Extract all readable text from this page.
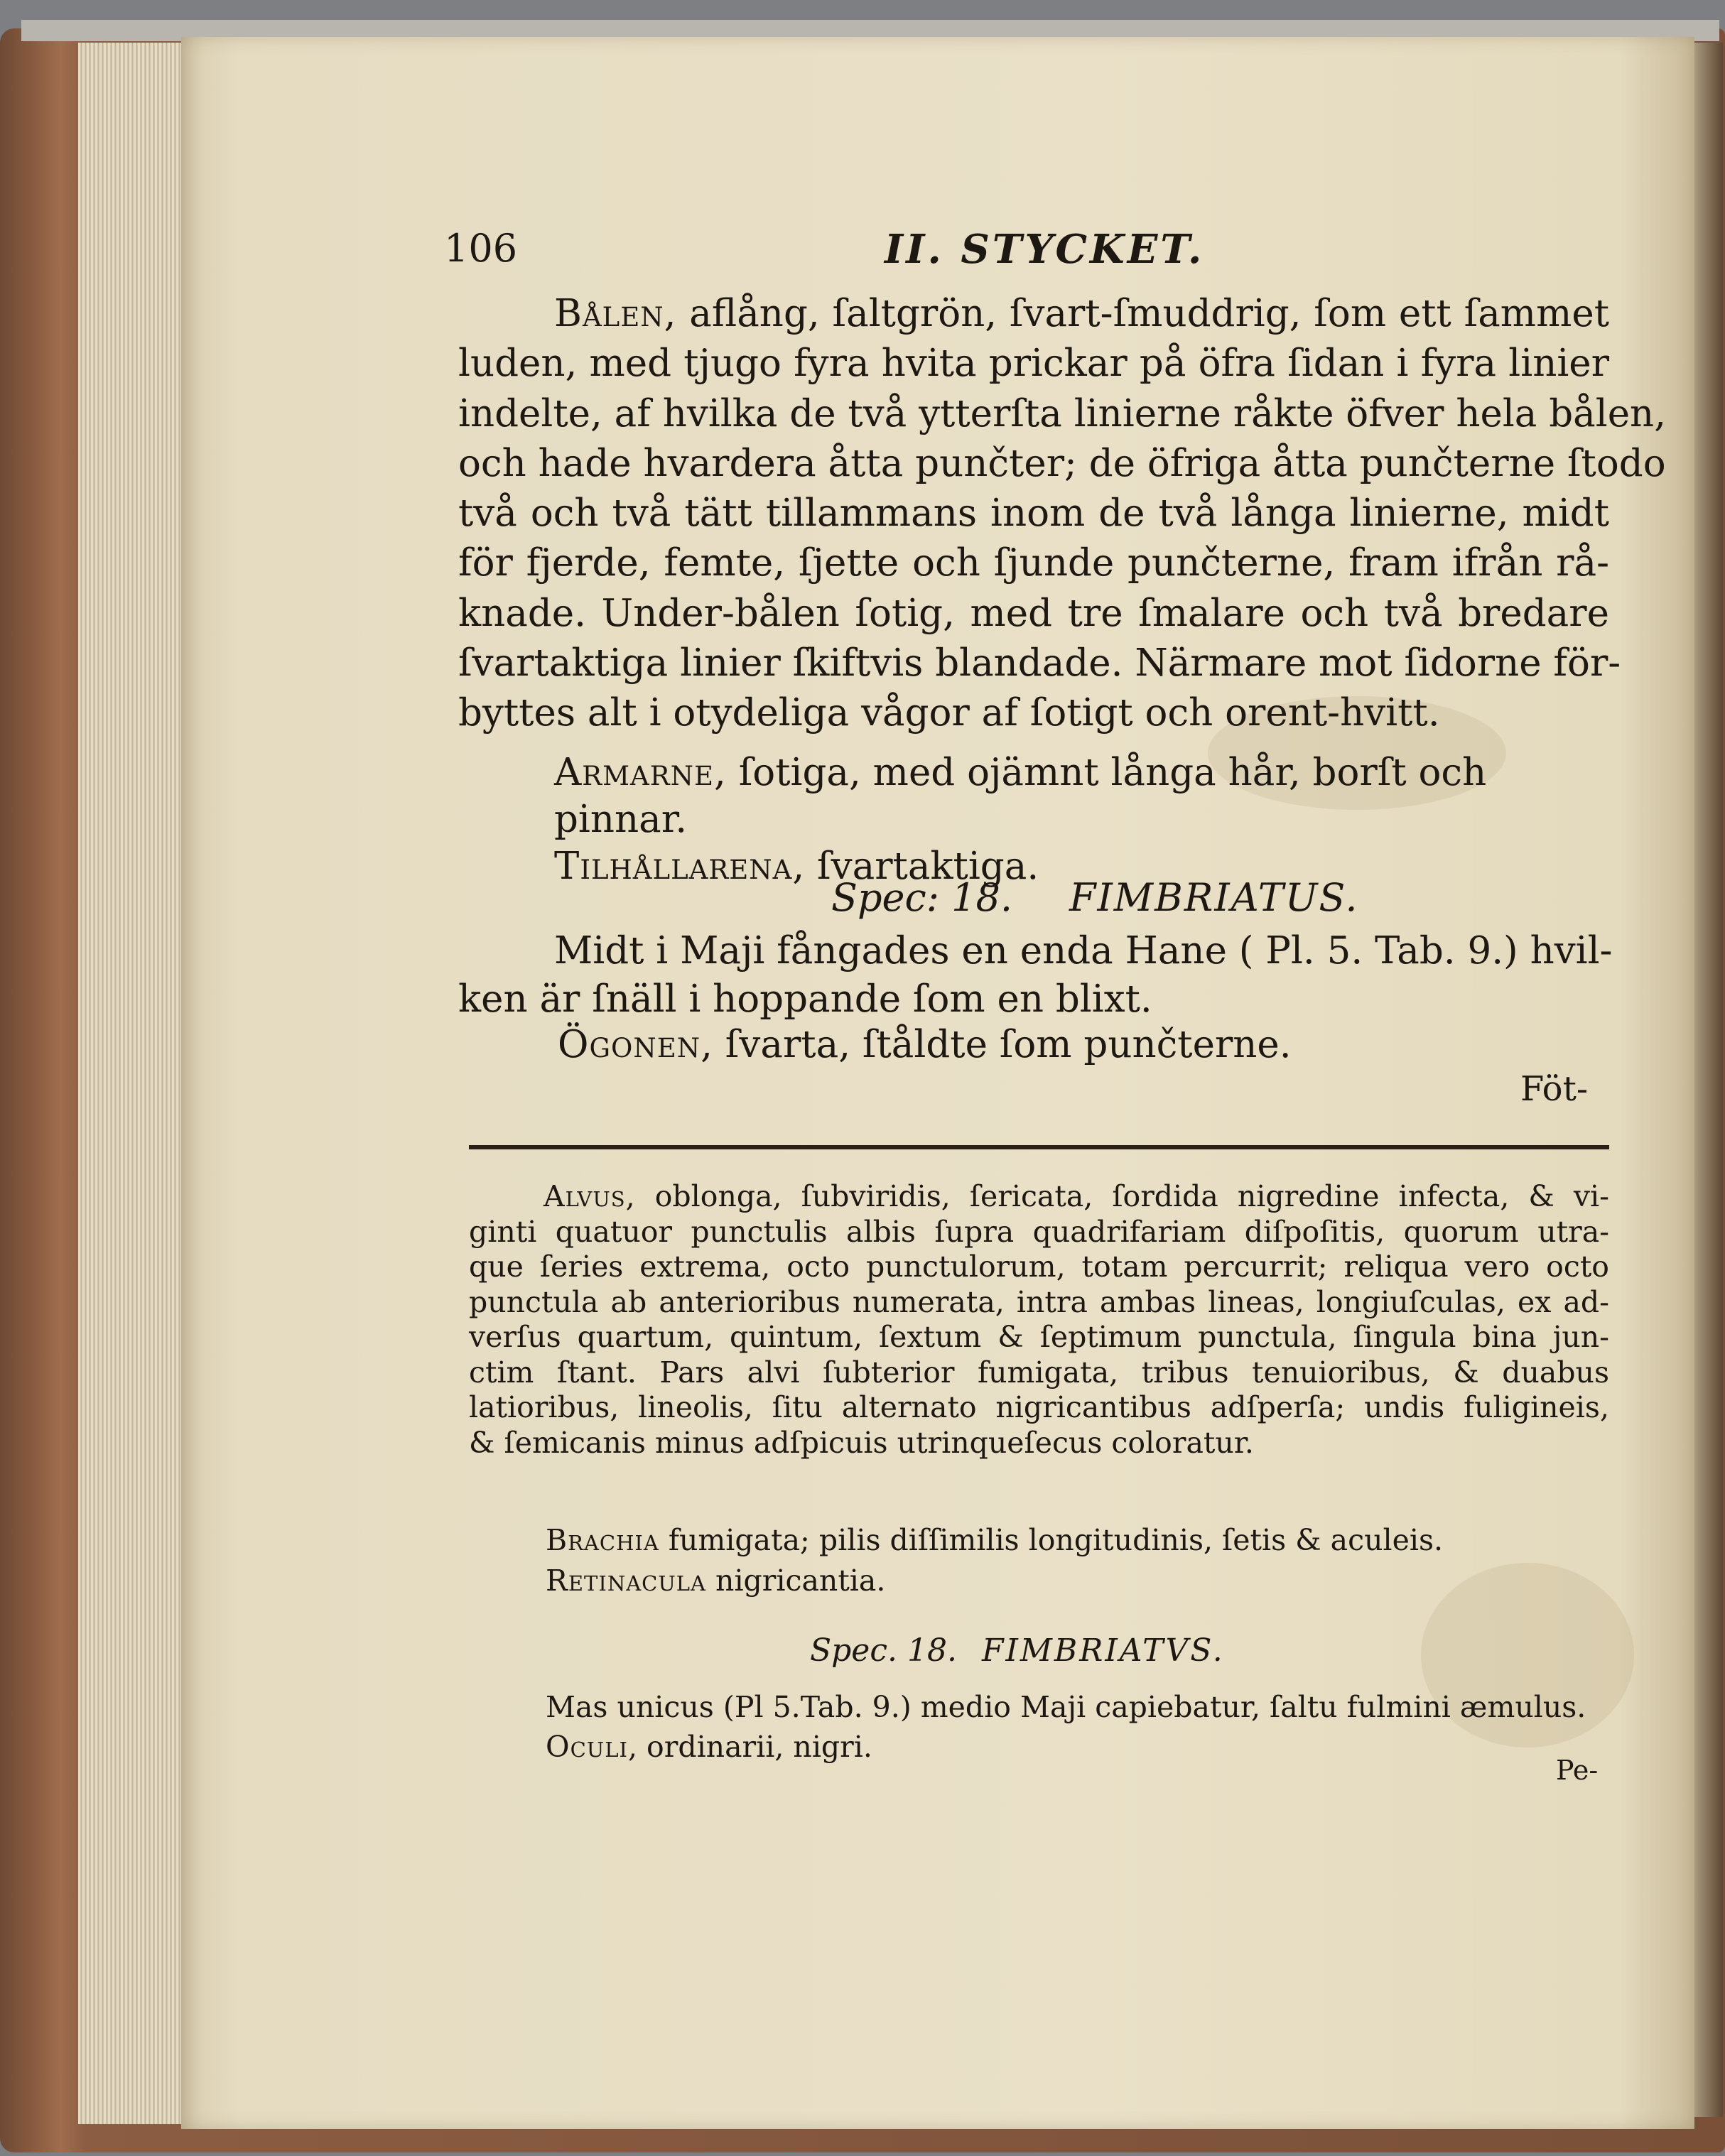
106	II. STYCKET.
Bålen, aflång, ſaltgrön, ſvart-ſmuddrig, ſom ett ſammet
luden, med tjugo fyra hvita prickar på öfra ſidan i fyra linier
indelte, af hvilka de två ytterſta linierne råkte öfver hela bålen,
och hade hvardera åtta punčter; de öfriga åtta punčterne ſtodo
två och två tätt tillammans inom de två långa linierne, midt
för fjerde, femte, ſjette och ſjunde punčterne, fram ifrån rå-
knade. Under-bålen ſotig, med tre ſmalare och två bredare
ſvartaktiga linier ſkiftvis blandade. Närmare mot ſidorne för-
byttes alt i otydeliga vågor af ſotigt och orent-hvitt.
Armarne, ſotiga, med ojämnt långa hår, borſt och pinnar.
Tilhållarena, ſvartaktiga.
Spec: 18. FIMBRIATUS.
Midt i Maji fångades en enda Hane ( Pl. 5. Tab. 9.) hvil-
ken är ſnäll i hoppande ſom en blixt.
Ögonen, ſvarta, ſtåldte ſom punčterne.
Föt-
Alvus, oblonga, ſubviridis, ſericata, ſordida nigredine infecta, & vi-
ginti quatuor punctulis albis ſupra quadrifariam diſpoſitis, quorum utra-
que ſeries extrema, octo punctulorum, totam percurrit; reliqua vero octo
punctula ab anterioribus numerata, intra ambas lineas, longiuſculas, ex ad-
verſus quartum, quintum, ſextum & ſeptimum punctula, ſingula bina jun-
ctim ſtant. Pars alvi ſubterior fumigata, tribus tenuioribus, & duabus
latioribus, lineolis, ſitu alternato nigricantibus adſperſa; undis fuligineis,
& ſemicanis minus adſpicuis utrinqueſecus coloratur.
Brachia fumigata; pilis diſſimilis longitudinis, ſetis & aculeis.
Retinacula nigricantia.
Spec. 18. FIMBRIATVS.
Mas unicus (Pl 5.Tab. 9.) medio Maji capiebatur, ſaltu fulmini æmulus.
Oculi, ordinarii, nigri.
Pe-
